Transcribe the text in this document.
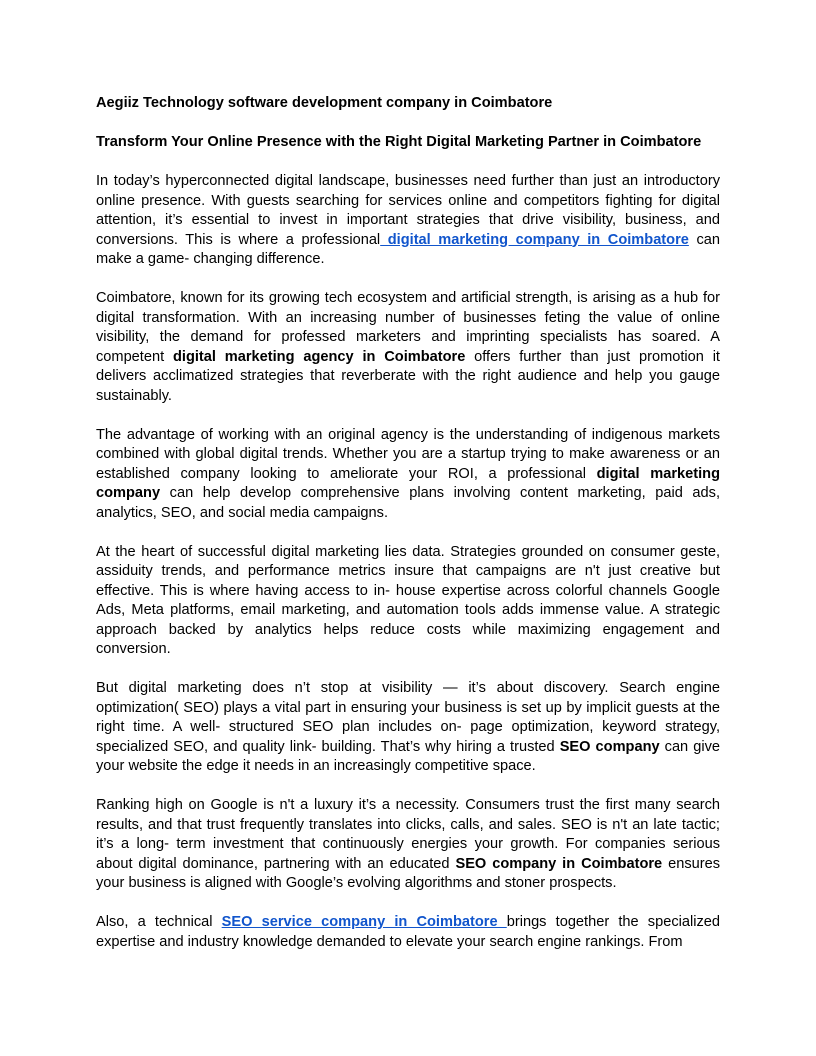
Aegiiz Technology software development company in Coimbatore
Transform Your Online Presence with the Right Digital Marketing Partner in Coimbatore

In today’s hyperconnected digital landscape, businesses need further than just an introductory online presence. With guests searching for services online and competitors fighting for digital attention, it’s essential to invest in important strategies that drive visibility, business, and conversions. This is where a professional digital marketing company in Coimbatore can make a game- changing difference.

Coimbatore, known for its growing tech ecosystem and artificial strength, is arising as a hub for digital transformation. With an increasing number of businesses feting the value of online visibility, the demand for professed marketers and imprinting specialists has soared. A competent digital marketing agency in Coimbatore offers further than just promotion it delivers acclimatized strategies that reverberate with the right audience and help you gauge sustainably.

The advantage of working with an original agency is the understanding of indigenous markets combined with global digital trends. Whether you are a startup trying to make awareness or an established company looking to ameliorate your ROI, a professional digital marketing company can help develop comprehensive plans involving content marketing, paid ads, analytics, SEO, and social media campaigns.

At the heart of successful digital marketing lies data. Strategies grounded on consumer geste, assiduity trends, and performance metrics insure that campaigns are n't just creative but effective. This is where having access to in- house expertise across colorful channels Google Ads, Meta platforms, email marketing, and automation tools adds immense value. A strategic approach backed by analytics helps reduce costs while maximizing engagement and conversion.

But digital marketing does n’t stop at visibility — it’s about discovery. Search engine optimization( SEO) plays a vital part in ensuring your business is set up by implicit guests at the right time. A well- structured SEO plan includes on- page optimization, keyword strategy, specialized SEO, and quality link- building. That’s why hiring a trusted SEO company can give your website the edge it needs in an increasingly competitive space.

Ranking high on Google is n't a luxury it’s a necessity. Consumers trust the first many search results, and that trust frequently translates into clicks, calls, and sales. SEO is n't an late tactic; it’s a long- term investment that continuously energies your growth. For companies serious about digital dominance, partnering with an educated SEO company in Coimbatore ensures your business is aligned with Google’s evolving algorithms and stoner prospects.

Also, a technical SEO service company in Coimbatore brings together the specialized expertise and industry knowledge demanded to elevate your search engine rankings. From
